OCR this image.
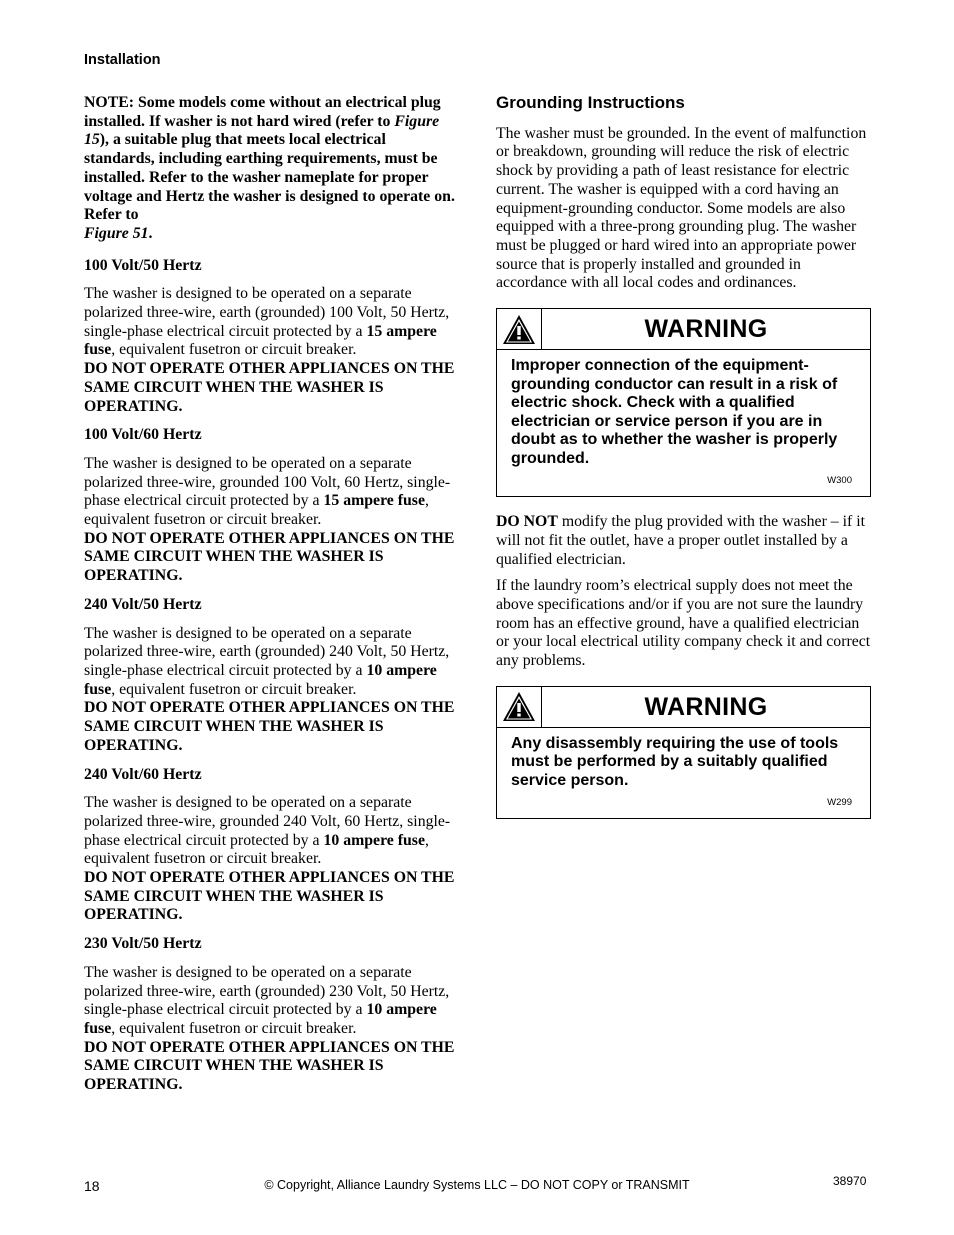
Installation

NOTE: Some models come without an electrical plug installed. If washer is not hard wired (refer to Figure 15), a suitable plug that meets local electrical standards, including earthing requirements, must be installed. Refer to the washer nameplate for proper voltage and Hertz the washer is designed to operate on. Refer to
Figure 51.

100 Volt/50 Hertz

The washer is designed to be operated on a separate polarized three-wire, earth (grounded) 100 Volt, 50 Hertz, single-phase electrical circuit protected by a 15 ampere fuse, equivalent fusetron or circuit breaker.

DO NOT OPERATE OTHER APPLIANCES ON THE SAME CIRCUIT WHEN THE WASHER IS OPERATING.

100 Volt/60 Hertz

The washer is designed to be operated on a separate polarized three-wire, grounded 100 Volt, 60 Hertz, single-phase electrical circuit protected by a 15 ampere fuse, equivalent fusetron or circuit breaker.

DO NOT OPERATE OTHER APPLIANCES ON THE SAME CIRCUIT WHEN THE WASHER IS OPERATING.

240 Volt/50 Hertz

The washer is designed to be operated on a separate polarized three-wire, earth (grounded) 240 Volt, 50 Hertz, single-phase electrical circuit protected by a 10 ampere fuse, equivalent fusetron or circuit breaker.

DO NOT OPERATE OTHER APPLIANCES ON THE SAME CIRCUIT WHEN THE WASHER IS OPERATING.

240 Volt/60 Hertz

The washer is designed to be operated on a separate polarized three-wire, grounded 240 Volt, 60 Hertz, single-phase electrical circuit protected by a 10 ampere fuse, equivalent fusetron or circuit breaker.

DO NOT OPERATE OTHER APPLIANCES ON THE SAME CIRCUIT WHEN THE WASHER IS OPERATING.

230 Volt/50 Hertz

The washer is designed to be operated on a separate polarized three-wire, earth (grounded) 230 Volt, 50 Hertz, single-phase electrical circuit protected by a 10 ampere fuse, equivalent fusetron or circuit breaker.

DO NOT OPERATE OTHER APPLIANCES ON THE SAME CIRCUIT WHEN THE WASHER IS OPERATING.

Grounding Instructions

The washer must be grounded. In the event of malfunction or breakdown, grounding will reduce the risk of electric shock by providing a path of least resistance for electric current. The washer is equipped with a cord having an equipment-grounding conductor. Some models are also equipped with a three-prong grounding plug. The washer must be plugged or hard wired into an appropriate power source that is properly installed and grounded in accordance with all local codes and ordinances.

WARNING
Improper connection of the equipment-grounding conductor can result in a risk of electric shock. Check with a qualified electrician or service person if you are in doubt as to whether the washer is properly grounded.
W300

DO NOT modify the plug provided with the washer – if it will not fit the outlet, have a proper outlet installed by a qualified electrician.

If the laundry room’s electrical supply does not meet the above specifications and/or if you are not sure the laundry room has an effective ground, have a qualified electrician or your local electrical utility company check it and correct any problems.

WARNING
Any disassembly requiring the use of tools must be performed by a suitably qualified service person.
W299
18	© Copyright, Alliance Laundry Systems LLC – DO NOT COPY or TRANSMIT	38970
